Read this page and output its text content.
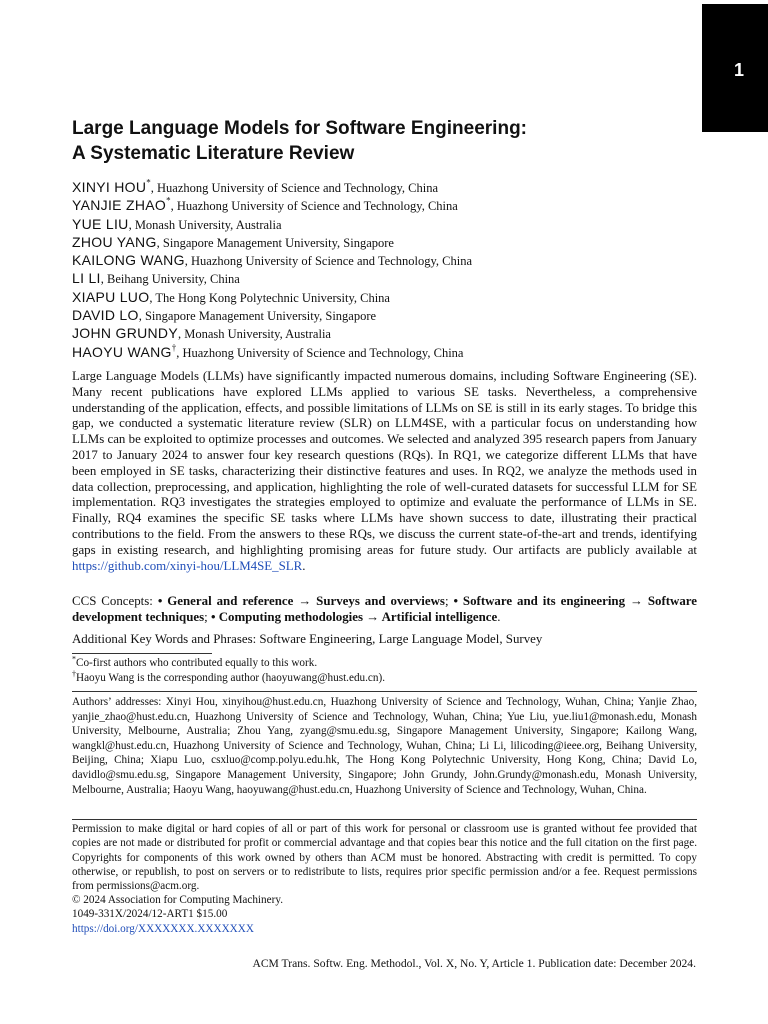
1
Large Language Models for Software Engineering:
A Systematic Literature Review
XINYI HOU*, Huazhong University of Science and Technology, China
YANJIE ZHAO*, Huazhong University of Science and Technology, China
YUE LIU, Monash University, Australia
ZHOU YANG, Singapore Management University, Singapore
KAILONG WANG, Huazhong University of Science and Technology, China
LI LI, Beihang University, China
XIAPU LUO, The Hong Kong Polytechnic University, China
DAVID LO, Singapore Management University, Singapore
JOHN GRUNDY, Monash University, Australia
HAOYU WANG†, Huazhong University of Science and Technology, China

Large Language Models (LLMs) have significantly impacted numerous domains, including Software Engineering (SE). Many recent publications have explored LLMs applied to various SE tasks. Nevertheless, a comprehensive understanding of the application, effects, and possible limitations of LLMs on SE is still in its early stages. To bridge this gap, we conducted a systematic literature review (SLR) on LLM4SE, with a particular focus on understanding how LLMs can be exploited to optimize processes and outcomes. We selected and analyzed 395 research papers from January 2017 to January 2024 to answer four key research questions (RQs). In RQ1, we categorize different LLMs that have been employed in SE tasks, characterizing their distinctive features and uses. In RQ2, we analyze the methods used in data collection, preprocessing, and application, highlighting the role of well-curated datasets for successful LLM for SE implementation. RQ3 investigates the strategies employed to optimize and evaluate the performance of LLMs in SE. Finally, RQ4 examines the specific SE tasks where LLMs have shown success to date, illustrating their practical contributions to the field. From the answers to these RQs, we discuss the current state-of-the-art and trends, identifying gaps in existing research, and highlighting promising areas for future study. Our artifacts are publicly available at https://github.com/xinyi-hou/LLM4SE_SLR.

CCS Concepts: • General and reference → Surveys and overviews; • Software and its engineering → Software development techniques; • Computing methodologies → Artificial intelligence.

Additional Key Words and Phrases: Software Engineering, Large Language Model, Survey

*Co-first authors who contributed equally to this work.

†Haoyu Wang is the corresponding author (haoyuwang@hust.edu.cn).

Authors’ addresses: Xinyi Hou, xinyihou@hust.edu.cn, Huazhong University of Science and Technology, Wuhan, China; Yanjie Zhao, yanjie_zhao@hust.edu.cn, Huazhong University of Science and Technology, Wuhan, China; Yue Liu, yue.liu1@monash.edu, Monash University, Melbourne, Australia; Zhou Yang, zyang@smu.edu.sg, Singapore Management University, Singapore; Kailong Wang, wangkl@hust.edu.cn, Huazhong University of Science and Technology, Wuhan, China; Li Li, lilicoding@ieee.org, Beihang University, Beijing, China; Xiapu Luo, csxluo@comp.polyu.edu.hk, The Hong Kong Polytechnic University, Hong Kong, China; David Lo, davidlo@smu.edu.sg, Singapore Management University, Singapore; John Grundy, John.Grundy@monash.edu, Monash University, Melbourne, Australia; Haoyu Wang, haoyuwang@hust.edu.cn, Huazhong University of Science and Technology, Wuhan, China.

Permission to make digital or hard copies of all or part of this work for personal or classroom use is granted without fee provided that copies are not made or distributed for profit or commercial advantage and that copies bear this notice and the full citation on the first page. Copyrights for components of this work owned by others than ACM must be honored. Abstracting with credit is permitted. To copy otherwise, or republish, to post on servers or to redistribute to lists, requires prior specific permission and/or a fee. Request permissions from permissions@acm.org.

© 2024 Association for Computing Machinery.
1049-331X/2024/12-ART1 $15.00
https://doi.org/XXXXXXX.XXXXXXX
ACM Trans. Softw. Eng. Methodol., Vol. X, No. Y, Article 1. Publication date: December 2024.
